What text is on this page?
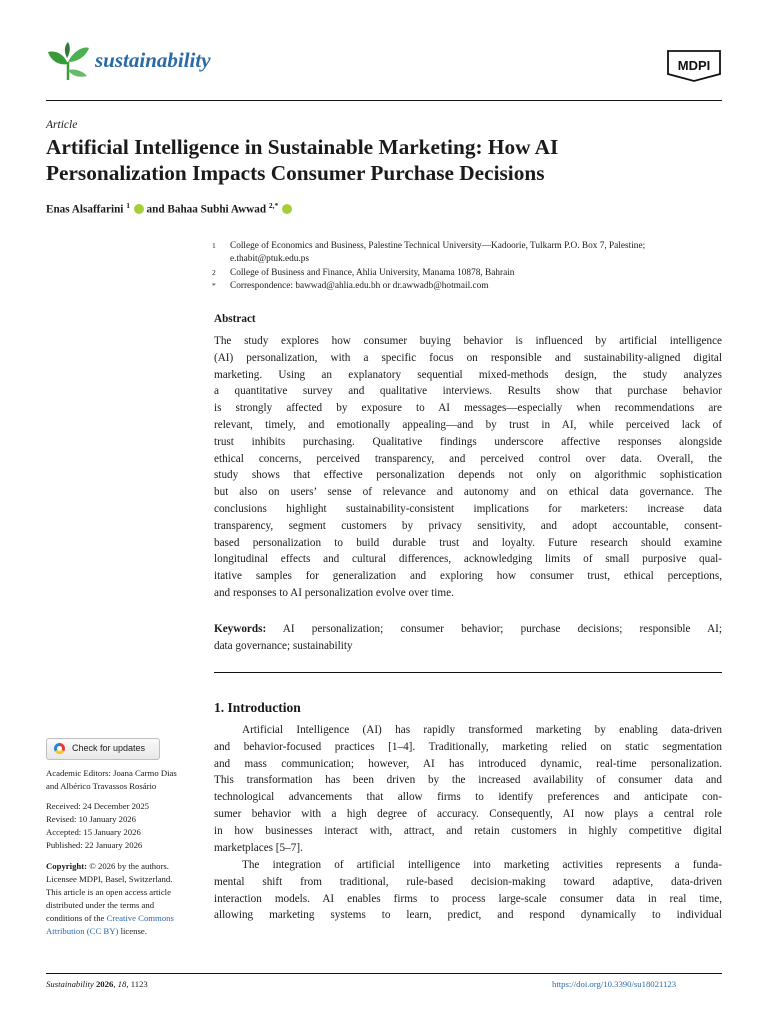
sustainability	MDPI
Article
Artificial Intelligence in Sustainable Marketing: How AI
Personalization Impacts Consumer Purchase Decisions
Enas Alsaffarini $^1$  and Bahaa Subhi Awwad $^{2,*}$
1 College of Economics and Business, Palestine Technical University—Kadoorie, Tulkarm P.O. Box 7, Palestine;
e.thabit@ptuk.edu.ps
2 College of Business and Finance, Ahlia University, Manama 10878, Bahrain
* Correspondence: bawwad@ahlia.edu.bh or dr.awwadb@hotmail.com
Abstract
The study explores how consumer buying behavior is influenced by artificial intelligence
(AI) personalization, with a specific focus on responsible and sustainability-aligned digital
marketing. Using an explanatory sequential mixed-methods design, the study analyzes
a quantitative survey and qualitative interviews. Results show that purchase behavior
is strongly affected by exposure to AI messages—especially when recommendations are
relevant, timely, and emotionally appealing—and by trust in AI, while perceived lack of
trust inhibits purchasing. Qualitative findings underscore affective responses alongside
ethical concerns, perceived transparency, and perceived control over data. Overall, the
study shows that effective personalization depends not only on algorithmic sophistication
but also on users’ sense of relevance and autonomy and on ethical data governance. The
conclusions highlight sustainability-consistent implications for marketers: increase data
transparency, segment customers by privacy sensitivity, and adopt accountable, consent-
based personalization to build durable trust and loyalty. Future research should examine
longitudinal effects and cultural differences, acknowledging limits of small purposive qual-
itative samples for generalization and exploring how consumer trust, ethical perceptions,
and responses to AI personalization evolve over time.
Keywords: AI personalization; consumer behavior; purchase decisions; responsible AI;
data governance; sustainability
1. Introduction
Artificial Intelligence (AI) has rapidly transformed marketing by enabling data-driven
and behavior-focused practices [1–4]. Traditionally, marketing relied on static segmentation
and mass communication; however, AI has introduced dynamic, real-time personalization.
This transformation has been driven by the increased availability of consumer data and
technological advancements that allow firms to identify preferences and anticipate con-
sumer behavior with a high degree of accuracy. Consequently, AI now plays a central role
in how businesses interact with, attract, and retain customers in highly competitive digital
marketplaces [5–7].
The integration of artificial intelligence into marketing activities represents a funda-
mental shift from traditional, rule-based decision-making toward adaptive, data-driven
interaction models. AI enables firms to process large-scale consumer data in real time,
allowing marketing systems to learn, predict, and respond dynamically to individual
Check for updates
Academic Editors: Joana Carmo Dias
and Albérico Travassos Rosário
Received: 24 December 2025
Revised: 10 January 2026
Accepted: 15 January 2026
Published: 22 January 2026
Copyright: © 2026 by the authors.
Licensee MDPI, Basel, Switzerland.
This article is an open access article
distributed under the terms and
conditions of the Creative Commons
Attribution (CC BY) license.
Sustainability 2026, 18, 1123	https://doi.org/10.3390/su18021123
